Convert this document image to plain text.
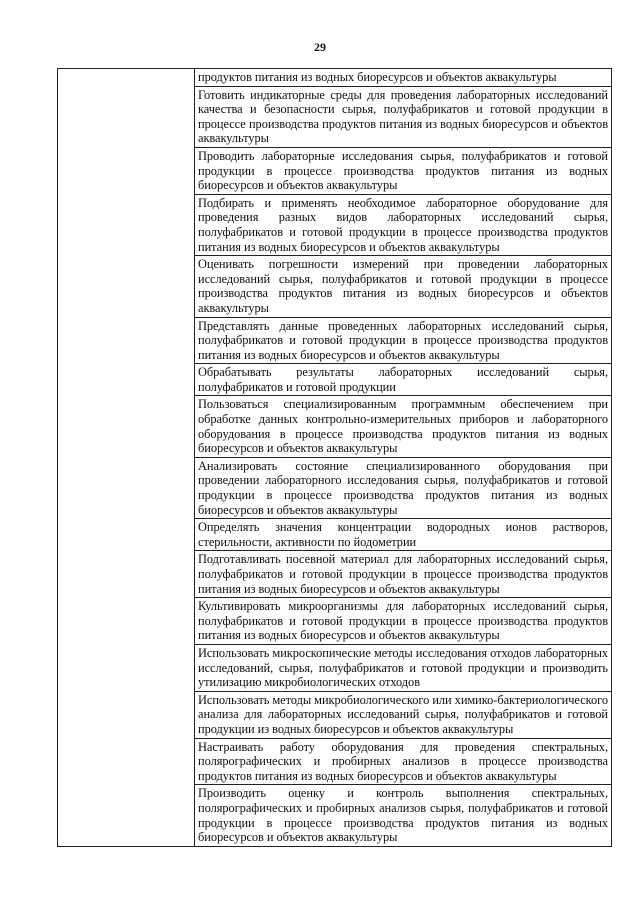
29
	продуктов питания из водных биоресурсов и объектов аквакультуры
Готовить индикаторные среды для проведения лабораторных исследований качества и безопасности сырья, полуфабрикатов и готовой продукции в процессе производства продуктов питания из водных биоресурсов и объектов аквакультуры
Проводить лабораторные исследования сырья, полуфабрикатов и готовой продукции в процессе производства продуктов питания из водных биоресурсов и объектов аквакультуры
Подбирать и применять необходимое лабораторное оборудование для проведения разных видов лабораторных исследований сырья, полуфабрикатов и готовой продукции в процессе производства продуктов питания из водных биоресурсов и объектов аквакультуры
Оценивать погрешности измерений при проведении лабораторных исследований сырья, полуфабрикатов и готовой продукции в процессе производства продуктов питания из водных биоресурсов и объектов аквакультуры
Представлять данные проведенных лабораторных исследований сырья, полуфабрикатов и готовой продукции в процессе производства продуктов питания из водных биоресурсов и объектов аквакультуры
Обрабатывать результаты лабораторных исследований сырья, полуфабрикатов и готовой продукции
Пользоваться специализированным программным обеспечением при обработке данных контрольно-измерительных приборов и лабораторного оборудования в процессе производства продуктов питания из водных биоресурсов и объектов аквакультуры
Анализировать состояние специализированного оборудования при проведении лабораторного исследования сырья, полуфабрикатов и готовой продукции в процессе производства продуктов питания из водных биоресурсов и объектов аквакультуры
Определять значения концентрации водородных ионов растворов, стерильности, активности по йодометрии
Подготавливать посевной материал для лабораторных исследований сырья, полуфабрикатов и готовой продукции в процессе производства продуктов питания из водных биоресурсов и объектов аквакультуры
Культивировать микроорганизмы для лабораторных исследований сырья, полуфабрикатов и готовой продукции в процессе производства продуктов питания из водных биоресурсов и объектов аквакультуры
Использовать микроскопические методы исследования отходов лабораторных исследований, сырья, полуфабрикатов и готовой продукции и производить утилизацию микробиологических отходов
Использовать методы микробиологического или химико-бактериологического анализа для лабораторных исследований сырья, полуфабрикатов и готовой продукции из водных биоресурсов и объектов аквакультуры
Настраивать работу оборудования для проведения спектральных, полярографических и пробирных анализов в процессе производства продуктов питания из водных биоресурсов и объектов аквакультуры
Производить оценку и контроль выполнения спектральных, полярографических и пробирных анализов сырья, полуфабрикатов и готовой продукции в процессе производства продуктов питания из водных биоресурсов и объектов аквакультуры
